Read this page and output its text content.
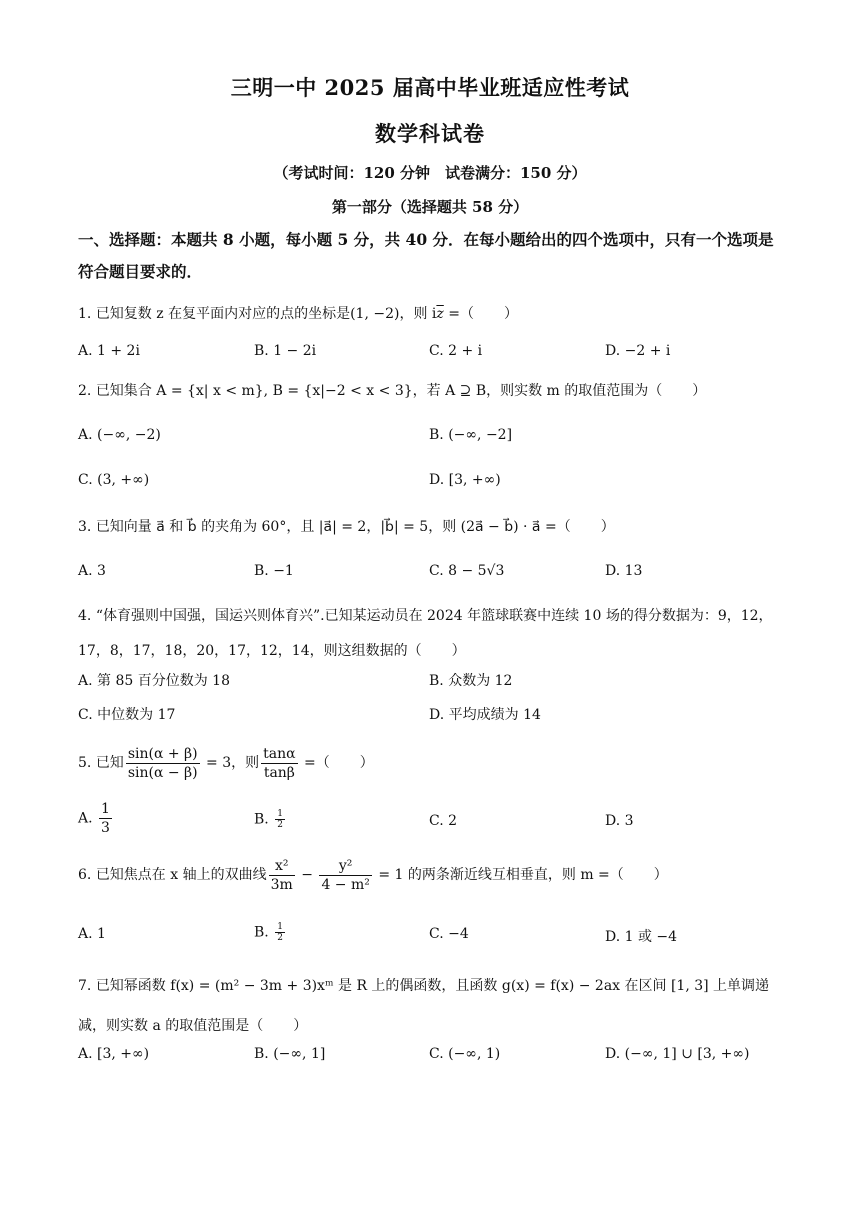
三明一中 2025 届高中毕业班适应性考试
数学科试卷
（考试时间：120 分钟　试卷满分：150 分）
第一部分（选择题共 58 分）
一、选择题：本题共 8 小题，每小题 5 分，共 40 分．在每小题给出的四个选项中，只有一个选项是符合题目要求的．
1. 已知复数 z 在复平面内对应的点的坐标是(1, −2)，则 $i\overline{z}$ =（ ）
A. 1 + 2i	B. 1 − 2i	C. 2 + i	D. −2 + i
2. 已知集合 A = {x| x < m}, B = {x|−2 < x < 3}，若 A ⊇ B，则实数 m 的取值范围为（ ）
A. (−∞, −2)	B. (−∞, −2]
C. (3, +∞)	D. [3, +∞)
3. 已知向量 a⃗ 和 b⃗ 的夹角为 60°，且 |a⃗| = 2，|b⃗| = 5，则 (2a⃗ − b⃗) · a⃗ =（ ）
A. 3	B. −1	C. 8 − 5√3	D. 13
4. “体育强则中国强，国运兴则体育兴”.已知某运动员在 2024 年篮球联赛中连续 10 场的得分数据为：9，12，17，8，17，18，20，17，12，14，则这组数据的（ ）
A. 第 85 百分位数为 18	B. 众数为 12
C. 中位数为 17	D. 平均成绩为 14
5. 已知 $\frac{\sin(\alpha + \beta)}{\sin(\alpha - \beta)} = 3$，则 $\frac{\tan\alpha}{\tan\beta}$ =（ ）
A. $\frac{1}{3}$	B. $\frac{1}{2}$	C. 2	D. 3
6. 已知焦点在 x 轴上的双曲线 $\frac{\text{x²}}{3m} - \frac{\text{y²}}{\text{4 − m²}} = 1$ 的两条渐近线互相垂直，则 m =（ ）
A. 1	B. $\frac{1}{2}$	C. −4	D. 1 或 −4
7. 已知幂函数 f(x) = (m² − 3m + 3)xᵐ 是 R 上的偶函数，且函数 g(x) = f(x) − 2ax 在区间 [1, 3] 上单调递减，则实数 a 的取值范围是（ ）
A. [3, +∞)	B. (−∞, 1]	C. (−∞, 1)	D. (−∞, 1] ∪ [3, +∞)
